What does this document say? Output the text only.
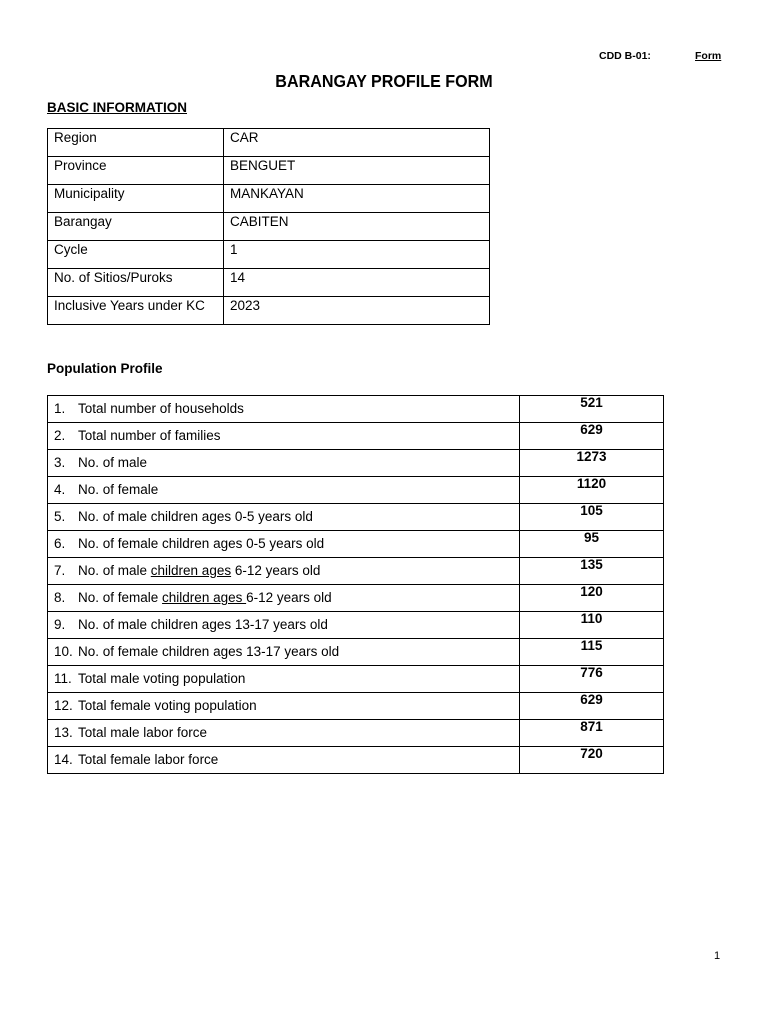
CDD B-01:	Form
BARANGAY PROFILE FORM
BASIC INFORMATION
Region	CAR
Province	BENGUET
Municipality	MANKAYAN
Barangay	CABITEN
Cycle	1
No. of Sitios/Puroks	14
Inclusive Years under KC	2023
Population Profile
1. Total number of households	521
2. Total number of families	629
3. No. of male	1273
4. No. of female	1120
5. No. of male children ages 0-5 years old	105
6. No. of female children ages 0-5 years old	95
7. No. of male children ages 6-12 years old	135
8. No. of female children ages 6-12 years old	120
9. No. of male children ages 13-17 years old	110
10. No. of female children ages 13-17 years old	115
11. Total male voting population	776
12. Total female voting population	629
13. Total male labor force	871
14. Total female labor force	720
1
